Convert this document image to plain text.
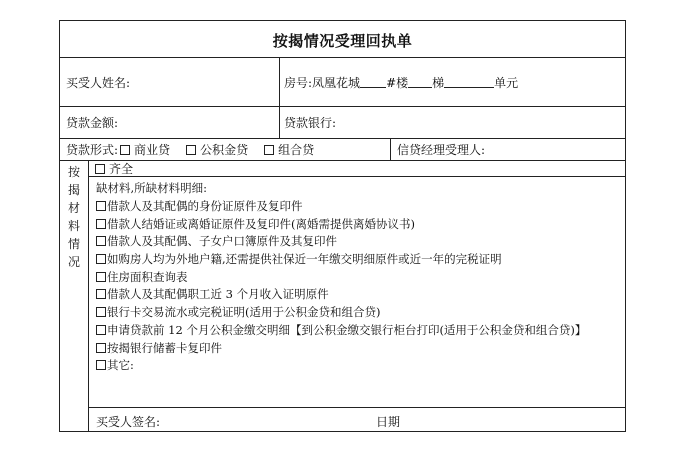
按揭情况受理回执单
买受人姓名:	房号: 凤凰花城 #楼 梯	单元
贷款金额:	贷款银行:
贷款形式: 商业贷	公积金贷	组合贷	信贷经理受理人:
按
揭
材
料
情
况
齐全
缺材料,所缺材料明细:
借款人及其配偶的身份证原件及复印件
借款人结婚证或离婚证原件及复印件(离婚需提供离婚协议书)
借款人及其配偶、子女户口簿原件及其复印件
如购房人均为外地户籍,还需提供社保近一年缴交明细原件或近一年的完税证明
住房面积查询表
借款人及其配偶职工近 3 个月收入证明原件
银行卡交易流水或完税证明(适用于公积金贷和组合贷)
申请贷款前 12 个月公积金缴交明细【到公积金缴交银行柜台打印(适用于公积金贷和组合贷)】
按揭银行储蓄卡复印件
其它:
买受人签名:	日期
